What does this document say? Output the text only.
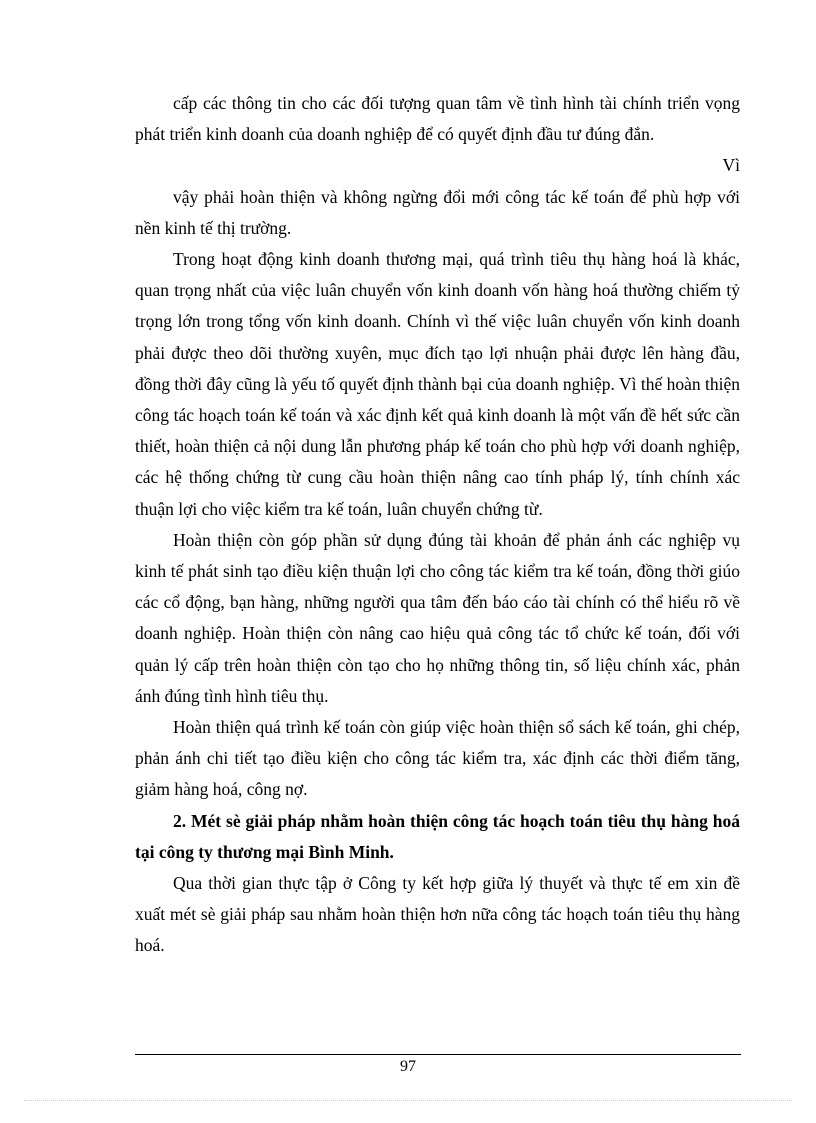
cấp các thông tin cho các đối tượng quan tâm về tình hình tài chính triển vọng phát triển kinh doanh của doanh nghiệp để có quyết định đầu tư đúng đắn.

Vì

vậy phải hoàn thiện và không ngừng đổi mới công tác kế toán để phù hợp với nền kinh tế thị trường.

Trong hoạt động kinh doanh thương mại, quá trình tiêu thụ hàng hoá là khác, quan trọng nhất của việc luân chuyển vốn kinh doanh vốn hàng hoá thường chiếm tỷ trọng lớn trong tổng vốn kinh doanh. Chính vì thế việc luân chuyển vốn kinh doanh phải được theo dõi thường xuyên, mục đích tạo lợi nhuận phải được lên hàng đầu, đồng thời đây cũng là yếu tố quyết định thành bại của doanh nghiệp. Vì thế hoàn thiện công tác hoạch toán kế toán và xác định kết quả kinh doanh là một vấn đề hết sức cần thiết, hoàn thiện cả nội dung lẫn phương pháp kế toán cho phù hợp với doanh nghiệp, các hệ thống chứng từ cung cầu hoàn thiện nâng cao tính pháp lý, tính chính xác thuận lợi cho việc kiểm tra kế toán, luân chuyển chứng từ.

Hoàn thiện còn góp phần sử dụng đúng tài khoản để phản ánh các nghiệp vụ kinh tế phát sinh tạo điều kiện thuận lợi cho công tác kiểm tra kế toán, đồng thời giúo các cổ động, bạn hàng, những người qua tâm đến báo cáo tài chính có thể hiểu rõ về doanh nghiệp. Hoàn thiện còn nâng cao hiệu quả công tác tổ chức kế toán, đối với quản lý cấp trên hoàn thiện còn tạo cho họ những thông tin, số liệu chính xác, phản ánh đúng tình hình tiêu thụ.

Hoàn thiện quá trình kế toán còn giúp việc hoàn thiện sổ sách kế toán, ghi chép, phản ánh chi tiết tạo điều kiện cho công tác kiểm tra, xác định các thời điểm tăng, giảm hàng hoá, công nợ.

2. Mét sè giải pháp nhằm hoàn thiện công tác hoạch toán tiêu thụ hàng hoá tại công ty thương mại Bình Minh.

Qua thời gian thực tập ở Công ty kết hợp giữa lý thuyết và thực tế em xin đề xuất mét sè giải pháp sau nhằm hoàn thiện hơn nữa công tác hoạch toán tiêu thụ hàng hoá.

97
